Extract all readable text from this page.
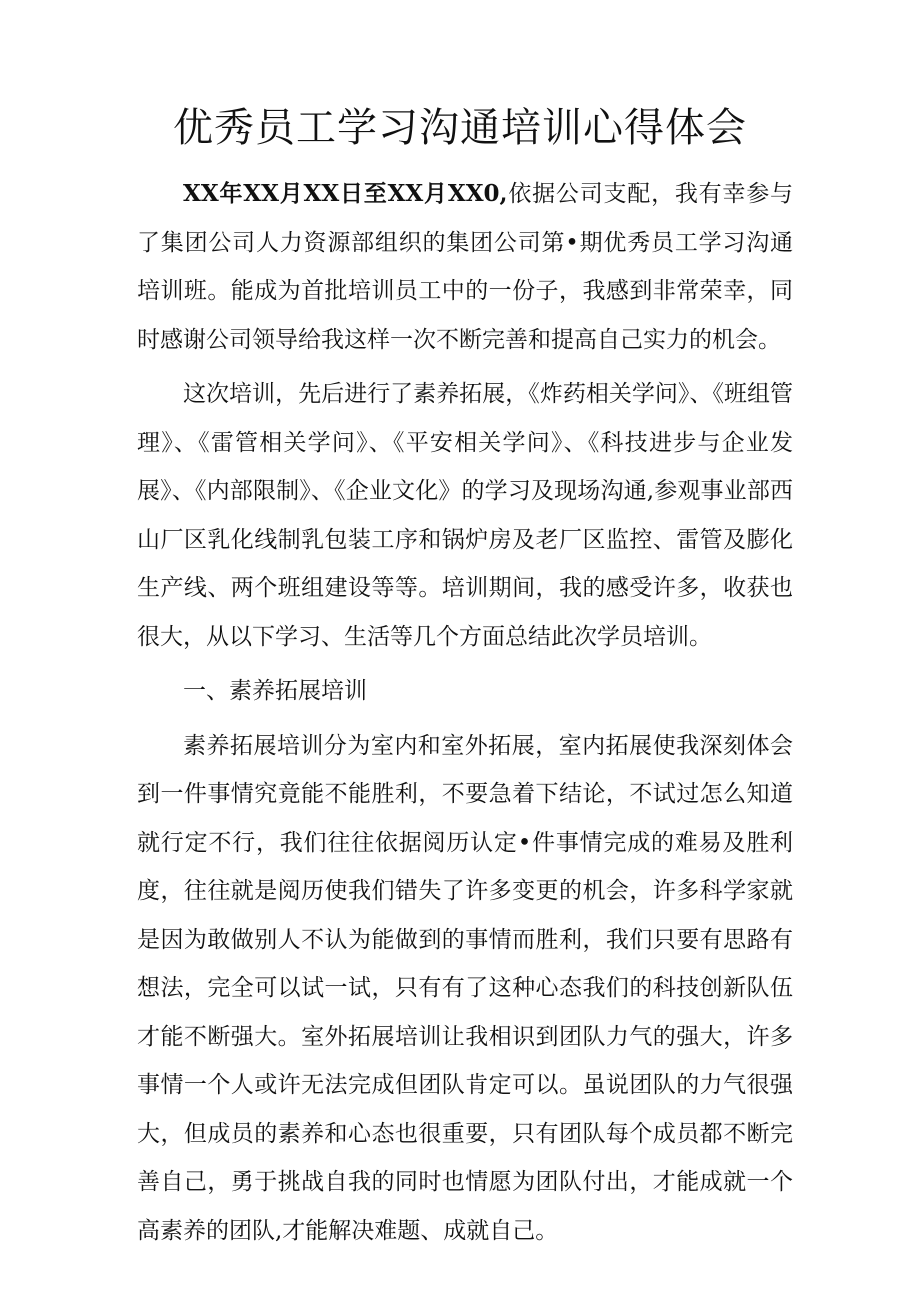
优秀员工学习沟通培训心得体会

XX年XX月XX日至XX月XX0,依据公司支配，我有幸参与了集团公司人力资源部组织的集团公司第•期优秀员工学习沟通培训班。能成为首批培训员工中的一份子，我感到非常荣幸，同时感谢公司领导给我这样一次不断完善和提高自己实力的机会。

这次培训，先后进行了素养拓展，《炸药相关学问》、《班组管理》、《雷管相关学问》、《平安相关学问》、《科技进步与企业发展》、《内部限制》、《企业文化》的学习及现场沟通,参观事业部西山厂区乳化线制乳包装工序和锅炉房及老厂区监控、雷管及膨化生产线、两个班组建设等等。培训期间，我的感受许多，收获也很大，从以下学习、生活等几个方面总结此次学员培训。

一、素养拓展培训

素养拓展培训分为室内和室外拓展，室内拓展使我深刻体会到一件事情究竟能不能胜利，不要急着下结论，不试过怎么知道就行定不行，我们往往依据阅历认定•件事情完成的难易及胜利度，往往就是阅历使我们错失了许多变更的机会，许多科学家就是因为敢做别人不认为能做到的事情而胜利，我们只要有思路有想法，完全可以试一试，只有有了这种心态我们的科技创新队伍才能不断强大。室外拓展培训让我相识到团队力气的强大，许多事情一个人或许无法完成但团队肯定可以。虽说团队的力气很强大，但成员的素养和心态也很重要，只有团队每个成员都不断完善自己，勇于挑战自我的同时也情愿为团队付出，才能成就一个高素养的团队,才能解决难题、成就自己。
